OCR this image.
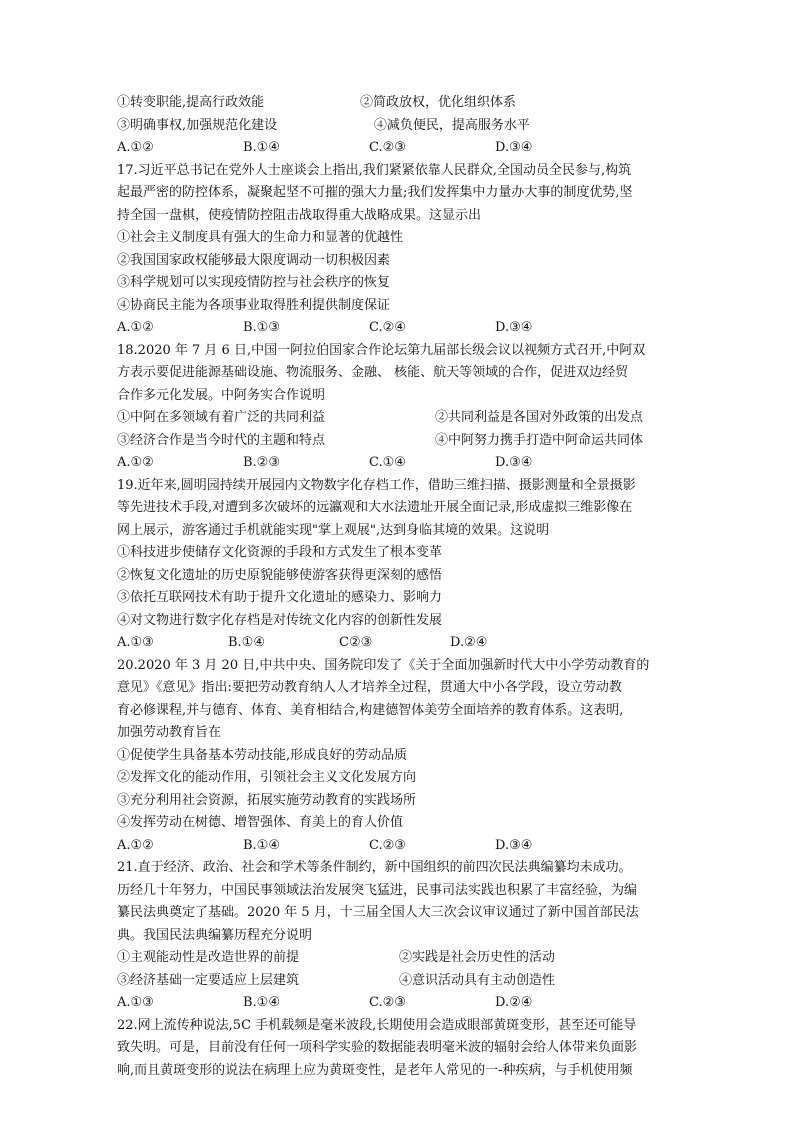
①转变职能,提高行政效能	②简政放权，优化组织体系
③明确事权,加强规范化建设	④减负便民，提高服务水平
A.①②	B.①④	C.②③	D.③④
17.习近平总书记在党外人士座谈会上指出,我们紧紧依靠人民群众,全国动员全民参与,构筑
起最严密的防控体系，凝聚起坚不可摧的强大力量;我们发挥集中力量办大事的制度优势,坚
持全国一盘棋，使疫情防控阻击战取得重大战略成果。这显示出
①社会主义制度具有强大的生命力和显著的优越性
②我国国家政权能够最大限度调动一切积极因素
③科学规划可以实现疫情防控与社会秩序的恢复
④协商民主能为各项事业取得胜利提供制度保证
A.①②	B.①③	C.②④	D.③④
18.2020 年 7 月 6 日,中国一阿拉伯国家合作论坛第九届部长级会议以视频方式召开,中阿双
方表示要促进能源基础设施、物流服务、金融、 核能、航天等领域的合作，促进双边经贸
合作多元化发展。中阿务实合作说明
①中阿在多领域有着广泛的共同利益	②共同利益是各国对外政策的出发点
③经济合作是当今时代的主题和特点	④中阿努力携手打造中阿命运共同体
A.①②	B.②③	C.①④	D.③④
19.近年来,圆明园持续开展园内文物数字化存档工作，借助三维扫描、摄影测量和全景摄影
等先进技术手段,对遭到多次破坏的远瀛观和大水法遗址开展全面记录,形成虚拟三维影像在
网上展示，游客通过手机就能实现"掌上观展",达到身临其境的效果。这说明
①科技进步使储存文化资源的手段和方式发生了根本变革
②恢复文化遗址的历史原貌能够使游客获得更深刻的感悟
③依托互联网技术有助于提升文化遗址的感染力、影响力
④对文物进行数字化存档是对传统文化内容的创新性发展
A.①③	B.①④	C②③	D.②④
20.2020 年 3 月 20 日,中共中央、国务院印发了《关于全面加强新时代大中小学劳动教育的
意见》《意见》指出:要把劳动教育纳人人才培养全过程，贯通大中小各学段，设立劳动教
育必修课程,并与德育、体育、美育相结合,构建德智体美劳全面培养的教育体系。这表明,
加强劳动教育旨在
①促使学生具备基本劳动技能,形成良好的劳动品质
②发挥文化的能动作用，引领社会主义文化发展方向
③充分利用社会资源，拓展实施劳动教育的实践场所
④发挥劳动在树德、增智强体、育美上的育人价值
A.①②	B.①④	C.②③	D.③④
21.直于经济、政治、社会和学术等条件制约，新中国组织的前四次民法典编纂均未成功。
历经几十年努力，中国民事领域法治发展突飞猛进，民事司法实践也积累了丰富经验，为编
纂民法典奠定了基础。2020 年 5 月，十三届全国人大三次会议审议通过了新中国首部民法
典。我国民法典编纂历程充分说明
①主观能动性是改造世界的前提	②实践是社会历史性的活动
③经济基础一定要适应上层建筑	④意识活动具有主动创造性
A.①③	B.①④	C.②③	D.②④
22.网上流传种说法,5C 手机载频是毫米波段,长期使用会造成眼部黄斑变形，甚至还可能导
致失明。可是，目前没有任何一项科学实验的数据能表明毫米波的辐射会给人体带来负面影
响,而且黄斑变形的说法在病理上应为黄斑变性，是老年人常见的一-种疾病，与手机使用频
